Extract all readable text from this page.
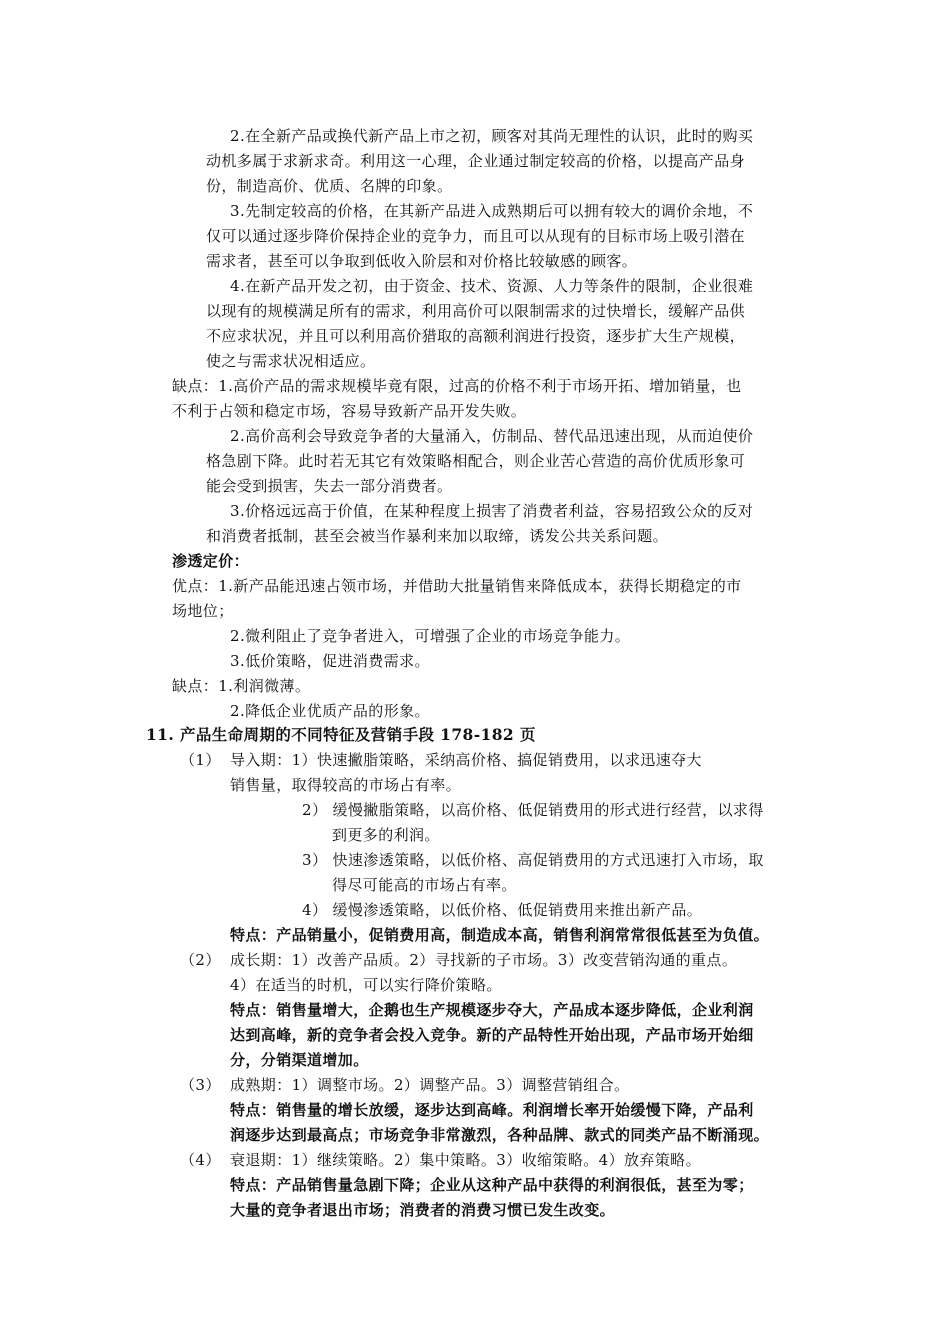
2.在全新产品或换代新产品上市之初，顾客对其尚无理性的认识，此时的购买
动机多属于求新求奇。利用这一心理，企业通过制定较高的价格，以提高产品身
份，制造高价、优质、名牌的印象。
3.先制定较高的价格，在其新产品进入成熟期后可以拥有较大的调价余地，不
仅可以通过逐步降价保持企业的竞争力，而且可以从现有的目标市场上吸引潜在
需求者，甚至可以争取到低收入阶层和对价格比较敏感的顾客。
4.在新产品开发之初，由于资金、技术、资源、人力等条件的限制，企业很难
以现有的规模满足所有的需求，利用高价可以限制需求的过快增长，缓解产品供
不应求状况，并且可以利用高价猎取的高额利润进行投资，逐步扩大生产规模，
使之与需求状况相适应。
缺点：1.高价产品的需求规模毕竟有限，过高的价格不利于市场开拓、增加销量，也
不利于占领和稳定市场，容易导致新产品开发失败。
2.高价高利会导致竞争者的大量涌入，仿制品、替代品迅速出现，从而迫使价
格急剧下降。此时若无其它有效策略相配合，则企业苦心营造的高价优质形象可
能会受到损害，失去一部分消费者。
3.价格远远高于价值，在某种程度上损害了消费者利益，容易招致公众的反对
和消费者抵制，甚至会被当作暴利来加以取缔，诱发公共关系问题。
渗透定价：
优点：1.新产品能迅速占领市场，并借助大批量销售来降低成本，获得长期稳定的市
场地位；
2.微利阻止了竞争者进入，可增强了企业的市场竞争能力。
3.低价策略，促进消费需求。
缺点：1.利润微薄。
2.降低企业优质产品的形象。
11. 产品生命周期的不同特征及营销手段 178-182 页
（1） 导入期：1）快速撇脂策略，采纳高价格、搞促销费用，以求迅速夺大
销售量，取得较高的市场占有率。
2） 缓慢撇脂策略，以高价格、低促销费用的形式进行经营，以求得
到更多的利润。
3） 快速渗透策略，以低价格、高促销费用的方式迅速打入市场，取
得尽可能高的市场占有率。
4） 缓慢渗透策略，以低价格、低促销费用来推出新产品。
特点：产品销量小，促销费用高，制造成本高，销售利润常常很低甚至为负值。
（2） 成长期：1）改善产品质。2）寻找新的子市场。3）改变营销沟通的重点。
4）在适当的时机，可以实行降价策略。
特点：销售量增大，企鹅也生产规模逐步夺大，产品成本逐步降低，企业利润
达到高峰，新的竞争者会投入竞争。新的产品特性开始出现，产品市场开始细
分，分销渠道增加。
（3） 成熟期：1）调整市场。2）调整产品。3）调整营销组合。
特点：销售量的增长放缓，逐步达到高峰。利润增长率开始缓慢下降，产品利
润逐步达到最高点；市场竞争非常激烈，各种品牌、款式的同类产品不断涌现。
（4） 衰退期：1）继续策略。2）集中策略。3）收缩策略。4）放弃策略。
特点：产品销售量急剧下降；企业从这种产品中获得的利润很低，甚至为零；
大量的竞争者退出市场；消费者的消费习惯已发生改变。
